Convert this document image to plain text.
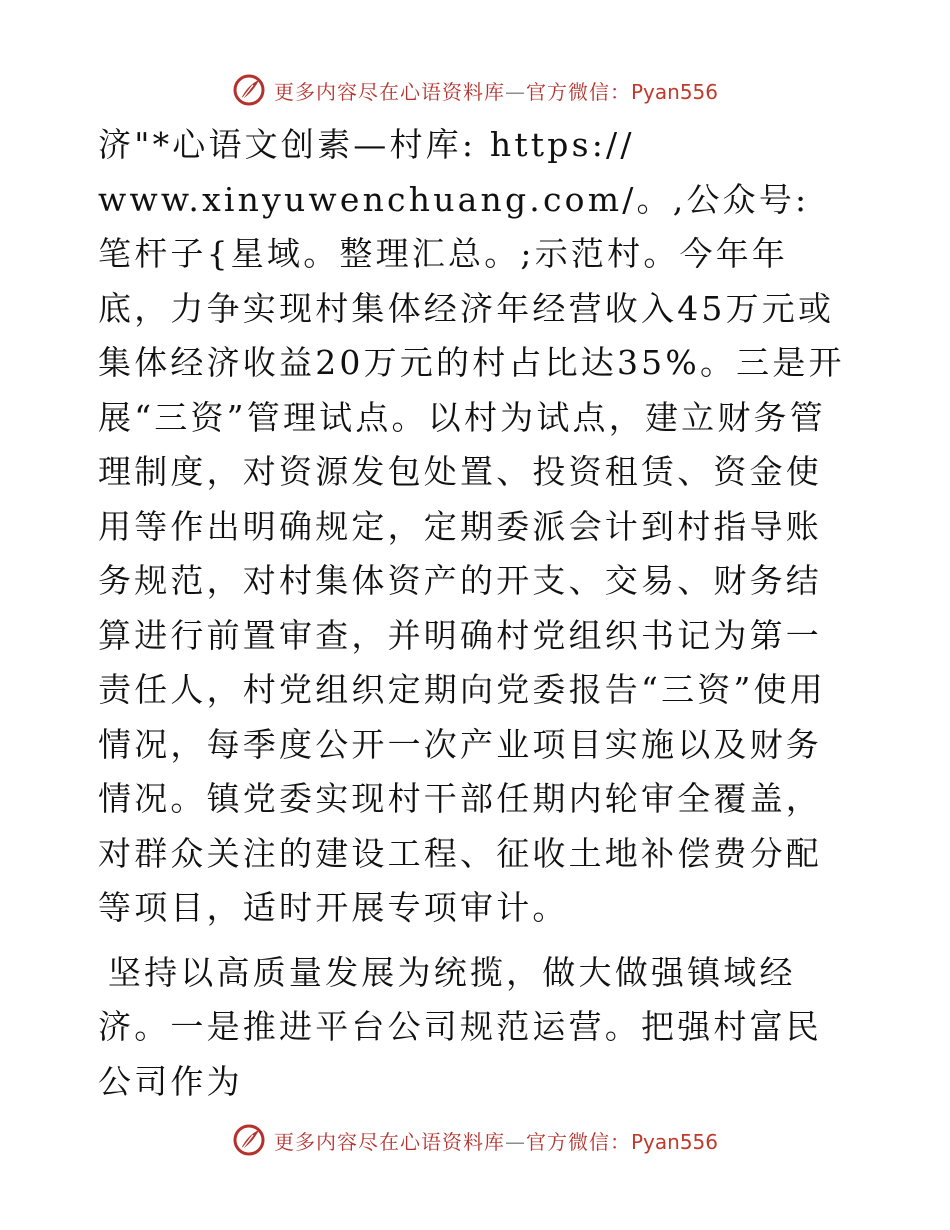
更多内容尽在心语资料库—官方微信：Pyan556

济"*心语文创素—村库: https://
www.xinyuwenchuang.com/。,公众号: 笔杆子{星域。整理汇总。;示范村。今年年底，力争实现村集体经济年经营收入45万元或集体经济收益20万元的村占比达35%。三是开展“三资”管理试点。以村为试点，建立财务管理制度，对资源发包处置、投资租赁、资金使用等作出明确规定，定期委派会计到村指导账务规范，对村集体资产的开支、交易、财务结算进行前置审查，并明确村党组织书记为第一责任人，村党组织定期向党委报告“三资”使用情况，每季度公开一次产业项目实施以及财务情况。镇党委实现村干部任期内轮审全覆盖，对群众关注的建设工程、征收土地补偿费分配等项目，适时开展专项审计。

坚持以高质量发展为统揽，做大做强镇域经济。一是推进平台公司规范运营。把强村富民公司作为

更多内容尽在心语资料库—官方微信：Pyan556
